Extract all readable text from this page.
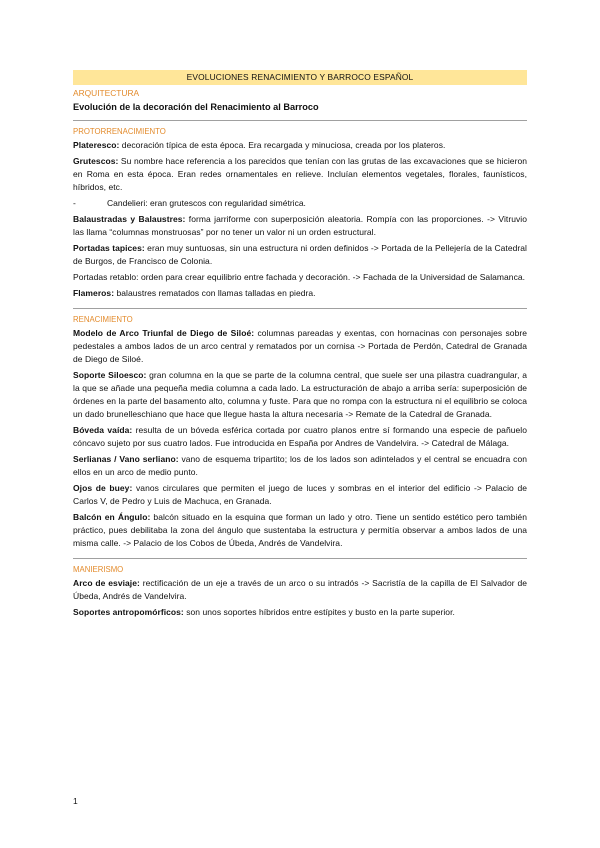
EVOLUCIONES RENACIMIENTO Y BARROCO ESPAÑOL
ARQUITECTURA
Evolución de la decoración del Renacimiento al Barroco
PROTORRENACIMIENTO

Plateresco: decoración típica de esta época. Era recargada y minuciosa, creada por los plateros.

Grutescos: Su nombre hace referencia a los parecidos que tenían con las grutas de las excavaciones que se hicieron en Roma en esta época. Eran redes ornamentales en relieve. Incluían elementos vegetales, florales, faunísticos, híbridos, etc.

-	Candelieri: eran grutescos con regularidad simétrica.

Balaustradas y Balaustres: forma jarriforme con superposición aleatoria. Rompía con las proporciones. -> Vitruvio las llama “columnas monstruosas” por no tener un valor ni un orden estructural.

Portadas tapices: eran muy suntuosas, sin una estructura ni orden definidos -> Portada de la Pellejería de la Catedral de Burgos, de Francisco de Colonia.

Portadas retablo: orden para crear equilibrio entre fachada y decoración. -> Fachada de la Universidad de Salamanca.

Flameros: balaustres rematados con llamas talladas en piedra.

RENACIMIENTO

Modelo de Arco Triunfal de Diego de Siloé: columnas pareadas y exentas, con hornacinas con personajes sobre pedestales a ambos lados de un arco central y rematados por un cornisa -> Portada de Perdón, Catedral de Granada de Diego de Siloé.

Soporte Siloesco: gran columna en la que se parte de la columna central, que suele ser una pilastra cuadrangular, a la que se añade una pequeña media columna a cada lado. La estructuración de abajo a arriba sería: superposición de órdenes en la parte del basamento alto, columna y fuste. Para que no rompa con la estructura ni el equilibrio se coloca un dado brunelleschiano que hace que llegue hasta la altura necesaria -> Remate de la Catedral de Granada.

Bóveda vaída: resulta de un bóveda esférica cortada por cuatro planos entre sí formando una especie de pañuelo cóncavo sujeto por sus cuatro lados. Fue introducida en España por Andres de Vandelvira. -> Catedral de Málaga.

Serlianas / Vano serliano: vano de esquema tripartito; los de los lados son adintelados y el central se encuadra con ellos en un arco de medio punto.

Ojos de buey: vanos circulares que permiten el juego de luces y sombras en el interior del edificio -> Palacio de Carlos V, de Pedro y Luis de Machuca, en Granada.

Balcón en Ángulo: balcón situado en la esquina que forman un lado y otro. Tiene un sentido estético pero también práctico, pues debilitaba la zona del ángulo que sustentaba la estructura y permitía observar a ambos lados de una misma calle. -> Palacio de los Cobos de Úbeda, Andrés de Vandelvira.

MANIERISMO

Arco de esviaje: rectificación de un eje a través de un arco o su intradós -> Sacristía de la capilla de El Salvador de Úbeda, Andrés de Vandelvira.

Soportes antropomórficos: son unos soportes híbridos entre estípites y busto en la parte superior.

1
